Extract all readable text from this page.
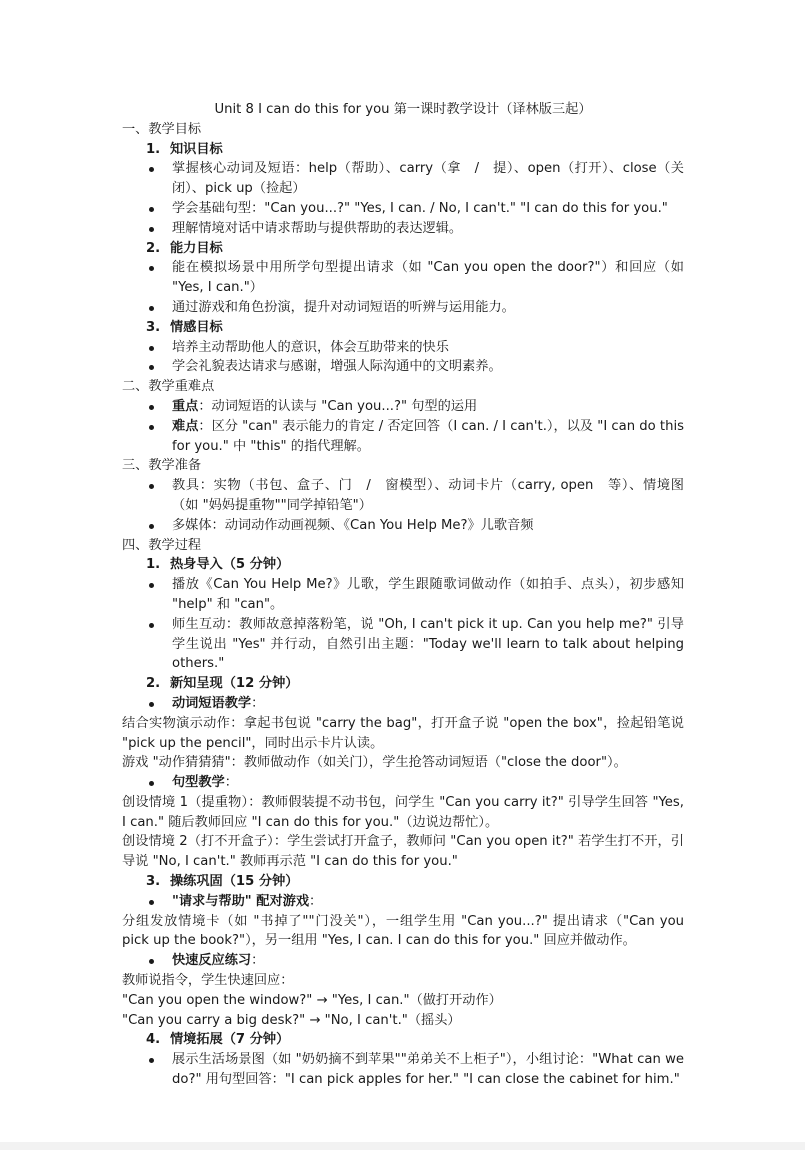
Unit 8 I can do this for you 第一课时教学设计（译林版三起）
一、教学目标
1. 知识目标
掌握核心动词及短语：help（帮助）、carry（拿　/　提）、open（打开）、close（关闭）、pick up（捡起）
学会基础句型："Can you...?" "Yes, I can. / No, I can't." "I can do this for you."
理解情境对话中请求帮助与提供帮助的表达逻辑。
2. 能力目标
能在模拟场景中用所学句型提出请求（如 "Can you open the door?"）和回应（如 "Yes, I can."）
通过游戏和角色扮演，提升对动词短语的听辨与运用能力。
3. 情感目标
培养主动帮助他人的意识，体会互助带来的快乐
学会礼貌表达请求与感谢，增强人际沟通中的文明素养。
二、教学重难点
重点：动词短语的认读与 "Can you...?" 句型的运用
难点：区分 "can" 表示能力的肯定 / 否定回答（I can. / I can't.），以及 "I can do this for you." 中 "this" 的指代理解。
三、教学准备
教具：实物（书包、盒子、门　/　窗模型）、动词卡片（carry, open　等）、情境图（如 "妈妈提重物""同学掉铅笔"）
多媒体：动词动作动画视频、《Can You Help Me?》儿歌音频
四、教学过程
1. 热身导入（5 分钟）
播放《Can You Help Me?》儿歌，学生跟随歌词做动作（如拍手、点头），初步感知 "help" 和 "can"。
师生互动：教师故意掉落粉笔，说 "Oh, I can't pick it up. Can you help me?" 引导学生说出 "Yes" 并行动，自然引出主题："Today we'll learn to talk about helping others."
2. 新知呈现（12 分钟）
动词短语教学：
结合实物演示动作：拿起书包说 "carry the bag"，打开盒子说 "open the box"，捡起铅笔说 "pick up the pencil"，同时出示卡片认读。
游戏 "动作猜猜猜"：教师做动作（如关门），学生抢答动词短语（"close the door"）。
句型教学：
创设情境 1（提重物）：教师假装提不动书包，问学生 "Can you carry it?" 引导学生回答 "Yes, I can." 随后教师回应 "I can do this for you."（边说边帮忙）。
创设情境 2（打不开盒子）：学生尝试打开盒子，教师问 "Can you open it?" 若学生打不开，引导说 "No, I can't." 教师再示范 "I can do this for you."
3. 操练巩固（15 分钟）
"请求与帮助" 配对游戏：
分组发放情境卡（如 "书掉了""门没关"），一组学生用 "Can you...?" 提出请求（"Can you pick up the book?"），另一组用 "Yes, I can. I can do this for you." 回应并做动作。
快速反应练习：
教师说指令，学生快速回应：
"Can you open the window?" → "Yes, I can."（做打开动作）
"Can you carry a big desk?" → "No, I can't."（摇头）
4. 情境拓展（7 分钟）
展示生活场景图（如 "奶奶摘不到苹果""弟弟关不上柜子"），小组讨论："What can we do?" 用句型回答："I can pick apples for her." "I can close the cabinet for him."
